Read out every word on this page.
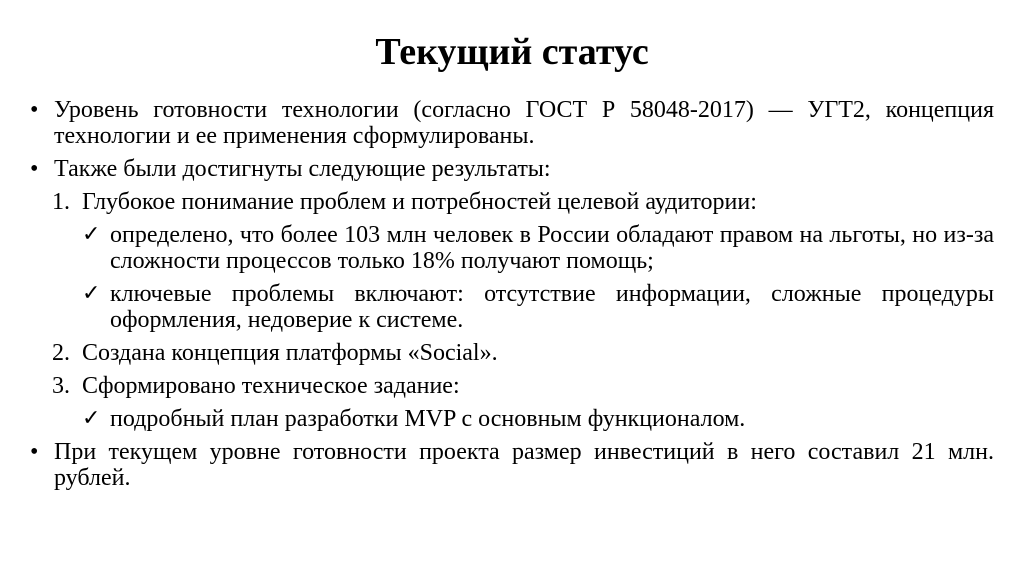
Текущий статус
• Уровень готовности технологии (согласно ГОСТ Р 58048-2017) — УГТ2, концепция технологии и ее применения сформулированы.
• Также были достигнуты следующие результаты:
1. Глубокое понимание проблем и потребностей целевой аудитории:
✓ определено, что более 103 млн человек в России обладают правом на льготы, но из-за сложности процессов только 18% получают помощь;
✓ ключевые проблемы включают: отсутствие информации, сложные процедуры оформления, недоверие к системе.
2. Создана концепция платформы «Social».
3. Сформировано техническое задание:
✓ подробный план разработки MVP с основным функционалом.
• При текущем уровне готовности проекта размер инвестиций в него составил 21 млн. рублей.
